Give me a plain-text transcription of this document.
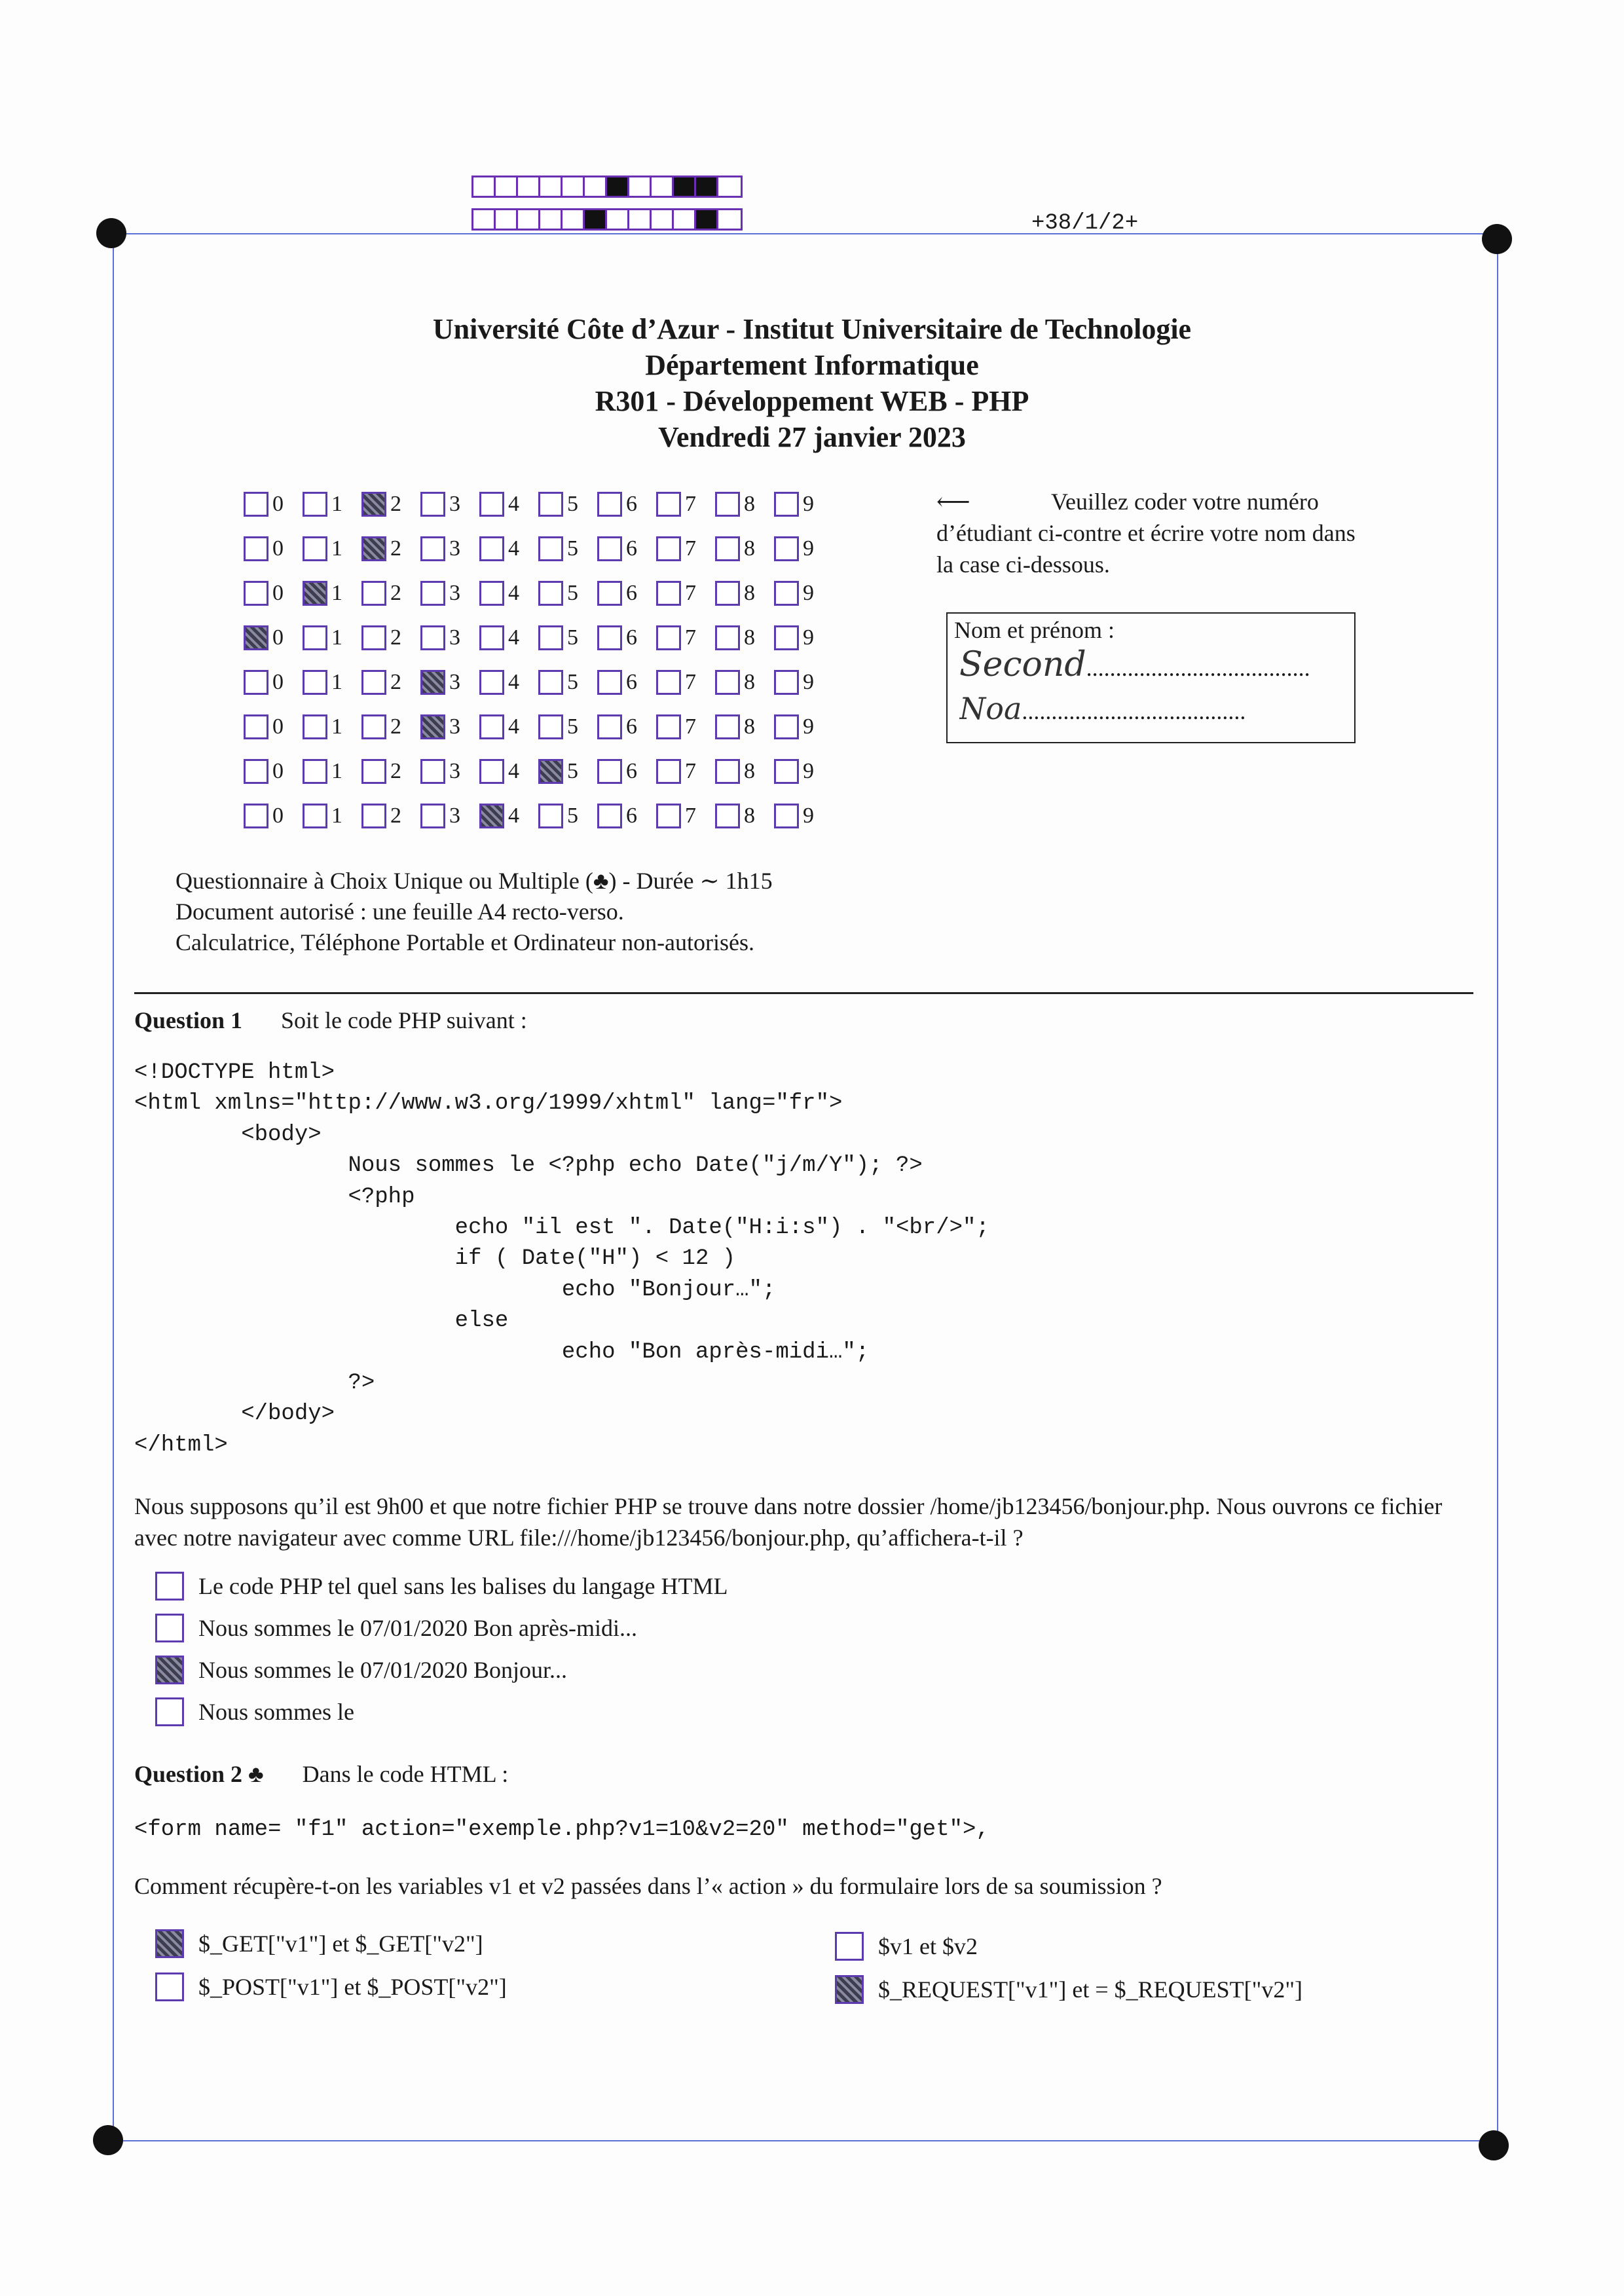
+38/1/2+
Université Côte d’Azur - Institut Universitaire de Technologie
Département Informatique
R301 - Développement WEB - PHP
Vendredi 27 janvier 2023
0 1 2 3 4 5 6 7 8 9
0 1 2 3 4 5 6 7 8 9
0 1 2 3 4 5 6 7 8 9
0 1 2 3 4 5 6 7 8 9
0 1 2 3 4 5 6 7 8 9
0 1 2 3 4 5 6 7 8 9
0 1 2 3 4 5 6 7 8 9
0 1 2 3 4 5 6 7 8 9
⟵	Veuillez coder votre numéro d’étudiant ci-contre et écrire votre nom dans la case ci-dessous.
Nom et prénom :
Second......................................
Noa......................................
Questionnaire à Choix Unique ou Multiple (♣) - Durée ∼ 1h15
Document autorisé : une feuille A4 recto-verso.
Calculatrice, Téléphone Portable et Ordinateur non-autorisés.
Question 1 Soit le code PHP suivant :
<!DOCTYPE html>
<html xmlns="http://www.w3.org/1999/xhtml" lang="fr">
<body>
Nous sommes le <?php echo Date("j/m/Y"); ?>
<?php
echo "il est ". Date("H:i:s") . "<br/>";
if ( Date("H") < 12 )
echo "Bonjour…";
else
echo "Bon après-midi…";
?>
</body>
</html>
Nous supposons qu’il est 9h00 et que notre fichier PHP se trouve dans notre dossier /home/jb123456/bonjour.php. Nous ouvrons ce fichier avec notre navigateur avec comme URL file:///home/jb123456/bonjour.php, qu’affichera-t-il ?
Le code PHP tel quel sans les balises du langage HTML
Nous sommes le 07/01/2020 Bon après-midi...
Nous sommes le 07/01/2020 Bonjour...
Nous sommes le
Question 2 ♣ Dans le code HTML :
<form name= "f1" action="exemple.php?v1=10&v2=20" method="get">,
Comment récupère-t-on les variables v1 et v2 passées dans l’« action » du formulaire lors de sa soumission ?
$_GET["v1"] et $_GET["v2"]
$_POST["v1"] et $_POST["v2"]
$v1 et $v2
$_REQUEST["v1"] et = $_REQUEST["v2"]
